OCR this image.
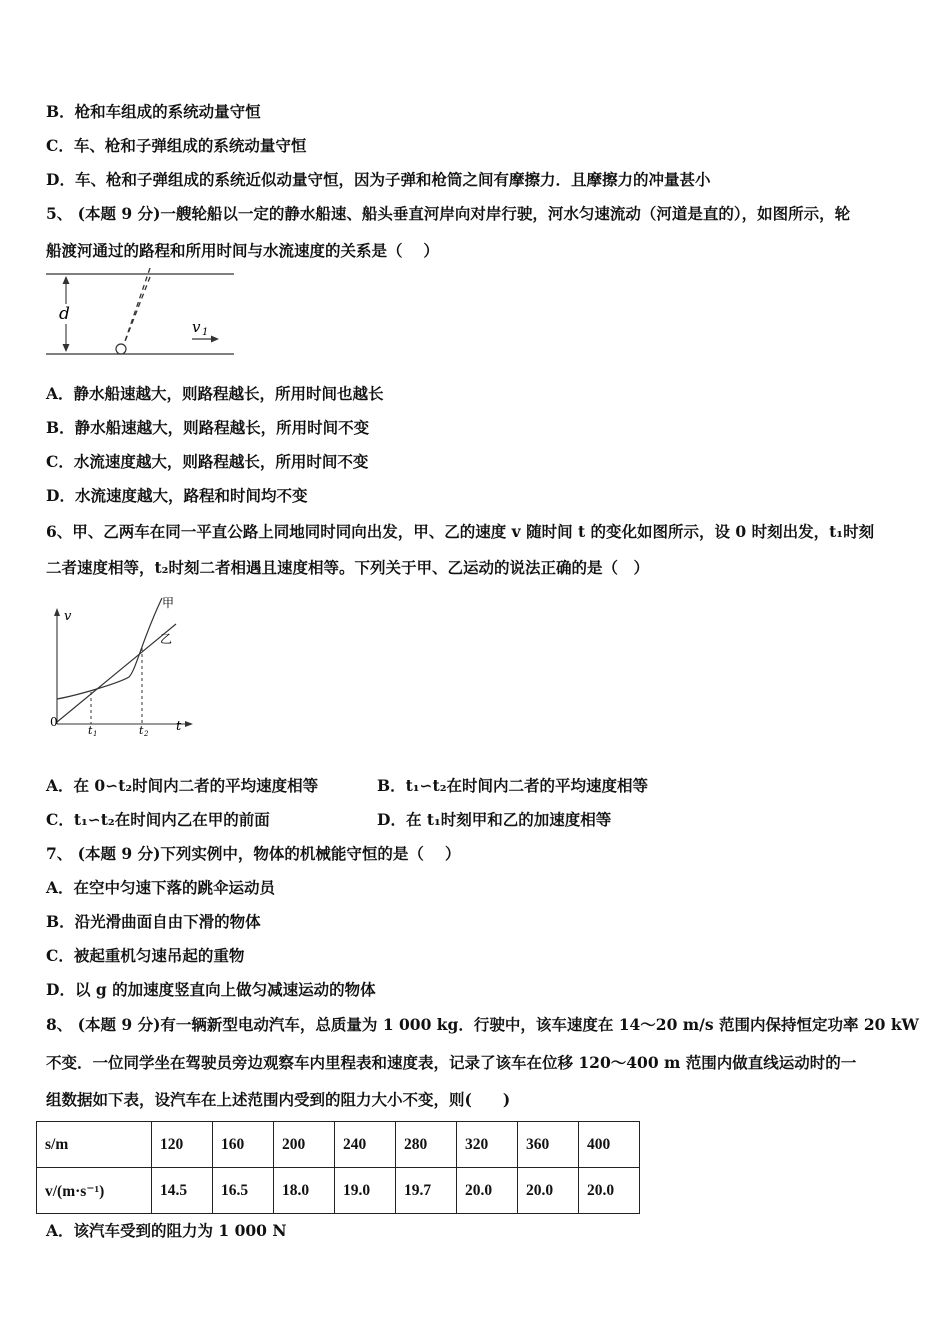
B．枪和车组成的系统动量守恒
C．车、枪和子弹组成的系统动量守恒
D．车、枪和子弹组成的系统近似动量守恒，因为子弹和枪筒之间有摩擦力．且摩擦力的冲量甚小
5、 (本题 9 分)一艘轮船以一定的静水船速、船头垂直河岸向对岸行驶，河水匀速流动（河道是直的），如图所示，轮
船渡河通过的路程和所用时间与水流速度的关系是（　 ）
d
v 1
A．静水船速越大，则路程越长，所用时间也越长
B．静水船速越大，则路程越长，所用时间不变
C．水流速度越大，则路程越长，所用时间不变
D．水流速度越大，路程和时间均不变
6、甲、乙两车在同一平直公路上同地同时同向出发，甲、乙的速度 v 随时间 t 的变化如图所示，设 0 时刻出发，t₁时刻
二者速度相等，t₂时刻二者相遇且速度相等。下列关于甲、乙运动的说法正确的是（　）
v
t
0
t 1	t 2
甲
乙
A．在 0∽t₂时间内二者的平均速度相等	B．t₁∽t₂在时间内二者的平均速度相等
C．t₁∽t₂在时间内乙在甲的前面	D．在 t₁时刻甲和乙的加速度相等
7、 (本题 9 分)下列实例中，物体的机械能守恒的是（　 ）
A．在空中匀速下落的跳伞运动员
B．沿光滑曲面自由下滑的物体
C．被起重机匀速吊起的重物
D．以 g 的加速度竖直向上做匀减速运动的物体
8、 (本题 9 分)有一辆新型电动汽车，总质量为 1 000 kg．行驶中，该车速度在 14～20 m/s 范围内保持恒定功率 20 kW
不变．一位同学坐在驾驶员旁边观察车内里程表和速度表，记录了该车在位移 120～400 m 范围内做直线运动时的一
组数据如下表，设汽车在上述范围内受到的阻力大小不变，则(　　)
s/m	120	160	200	240	280	320	360	400
v/(m·s⁻¹)	14.5	16.5	18.0	19.0	19.7	20.0	20.0	20.0
A．该汽车受到的阻力为 1 000 N
